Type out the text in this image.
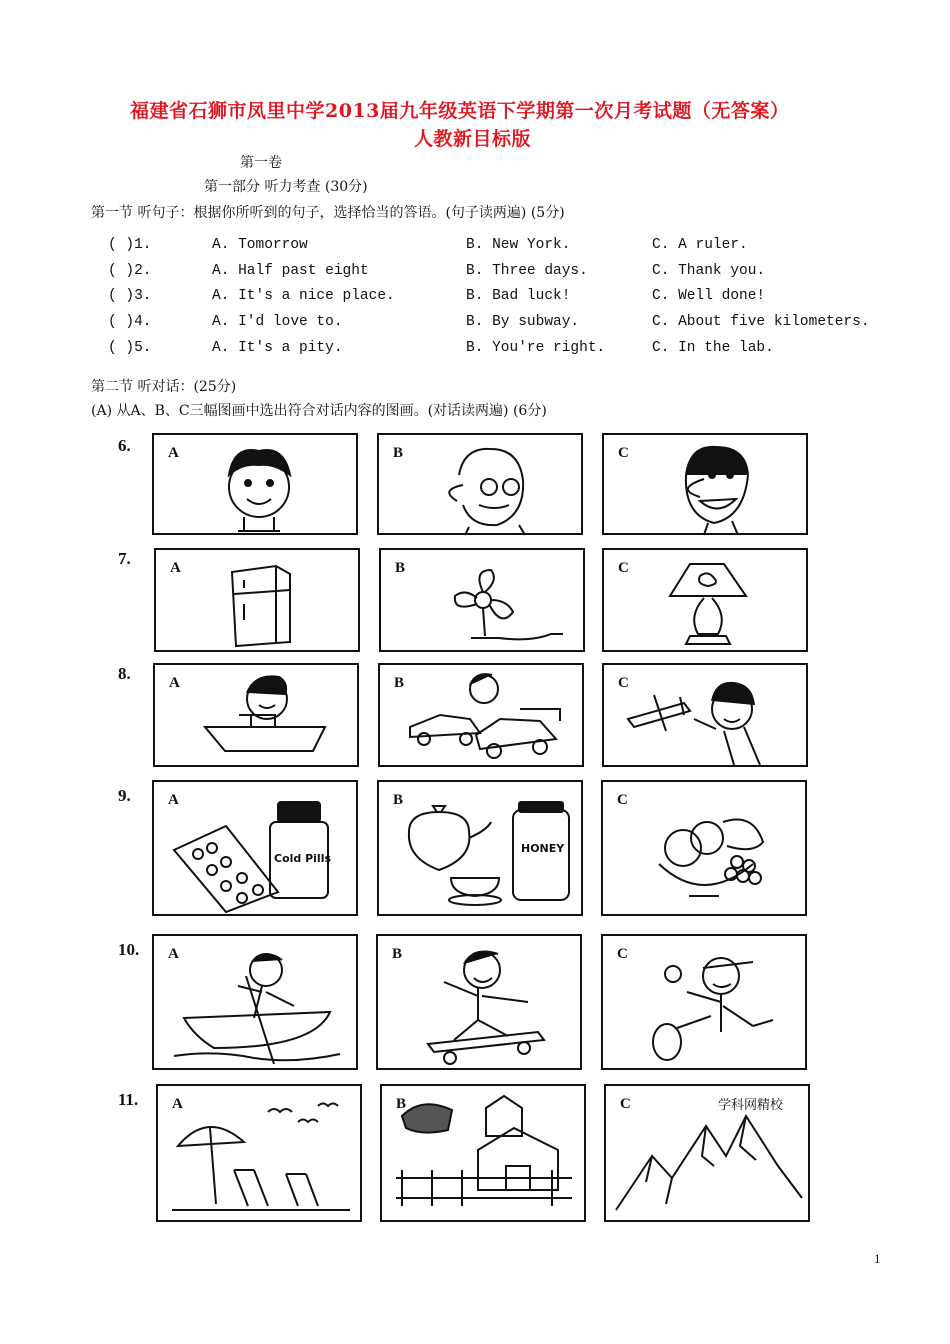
福建省石狮市凤里中学2013届九年级英语下学期第一次月考试题（无答案）
人教新目标版
第一卷
第一部分 听力考查 (30分)
第一节 听句子：根据你所听到的句子，选择恰当的答语。(句子读两遍) (5分)
( )1.	A. Tomorrow	B. New York.	C. A ruler.
( )2.	A. Half past eight	B. Three days.	C. Thank you.
( )3.	A. It's a nice place.	B. Bad luck!	C. Well done!
( )4.	A. I'd love to.	B. By subway.	C. About five kilometers.
( )5.	A. It's a pity.	B. You're right.	C. In the lab.
第二节 听对话：(25分)
(A) 从A、B、C三幅图画中选出符合对话内容的图画。(对话读两遍) (6分)
6. A	B	C
7.	A	B	C
8.	A	B	C
9. A
Cold Pills
B
HONEY
C
10. A	B	C
11. A	B	C	学科网精校
1
